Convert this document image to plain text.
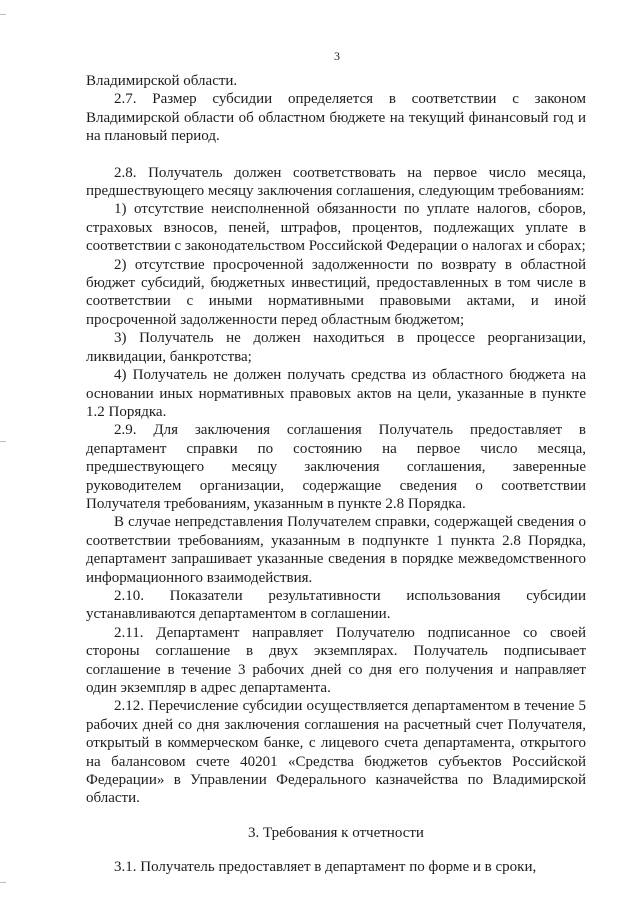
3

Владимирской области.

2.7. Размер субсидии определяется в соответствии с законом Владимирской области об областном бюджете на текущий финансовый год и на плановый период.

2.8. Получатель должен соответствовать на первое число месяца, предшествующего месяцу заключения соглашения, следующим требованиям:

1) отсутствие неисполненной обязанности по уплате налогов, сборов, страховых взносов, пеней, штрафов, процентов, подлежащих уплате в соответствии с законодательством Российской Федерации о налогах и сборах;

2) отсутствие просроченной задолженности по возврату в областной бюджет субсидий, бюджетных инвестиций, предоставленных в том числе в соответствии с иными нормативными правовыми актами, и иной просроченной задолженности перед областным бюджетом;

3) Получатель не должен находиться в процессе реорганизации, ликвидации, банкротства;

4) Получатель не должен получать средства из областного бюджета на основании иных нормативных правовых актов на цели, указанные в пункте 1.2 Порядка.

2.9. Для заключения соглашения Получатель предоставляет в департамент справки по состоянию на первое число месяца, предшествующего месяцу заключения соглашения, заверенные руководителем организации, содержащие сведения о соответствии Получателя требованиям, указанным в пункте 2.8 Порядка.

В случае непредставления Получателем справки, содержащей сведения о соответствии требованиям, указанным в подпункте 1 пункта 2.8 Порядка, департамент запрашивает указанные сведения в порядке межведомственного информационного взаимодействия.

2.10. Показатели результативности использования субсидии устанавливаются департаментом в соглашении.

2.11. Департамент направляет Получателю подписанное со своей стороны соглашение в двух экземплярах. Получатель подписывает соглашение в течение 3 рабочих дней со дня его получения и направляет один экземпляр в адрес департамента.

2.12. Перечисление субсидии осуществляется департаментом в течение 5 рабочих дней со дня заключения соглашения на расчетный счет Получателя, открытый в коммерческом банке, с лицевого счета департамента, открытого на балансовом счете 40201 «Средства бюджетов субъектов Российской Федерации» в Управлении Федерального казначейства по Владимирской области.

3. Требования к отчетности

3.1. Получатель предоставляет в департамент по форме и в сроки,
